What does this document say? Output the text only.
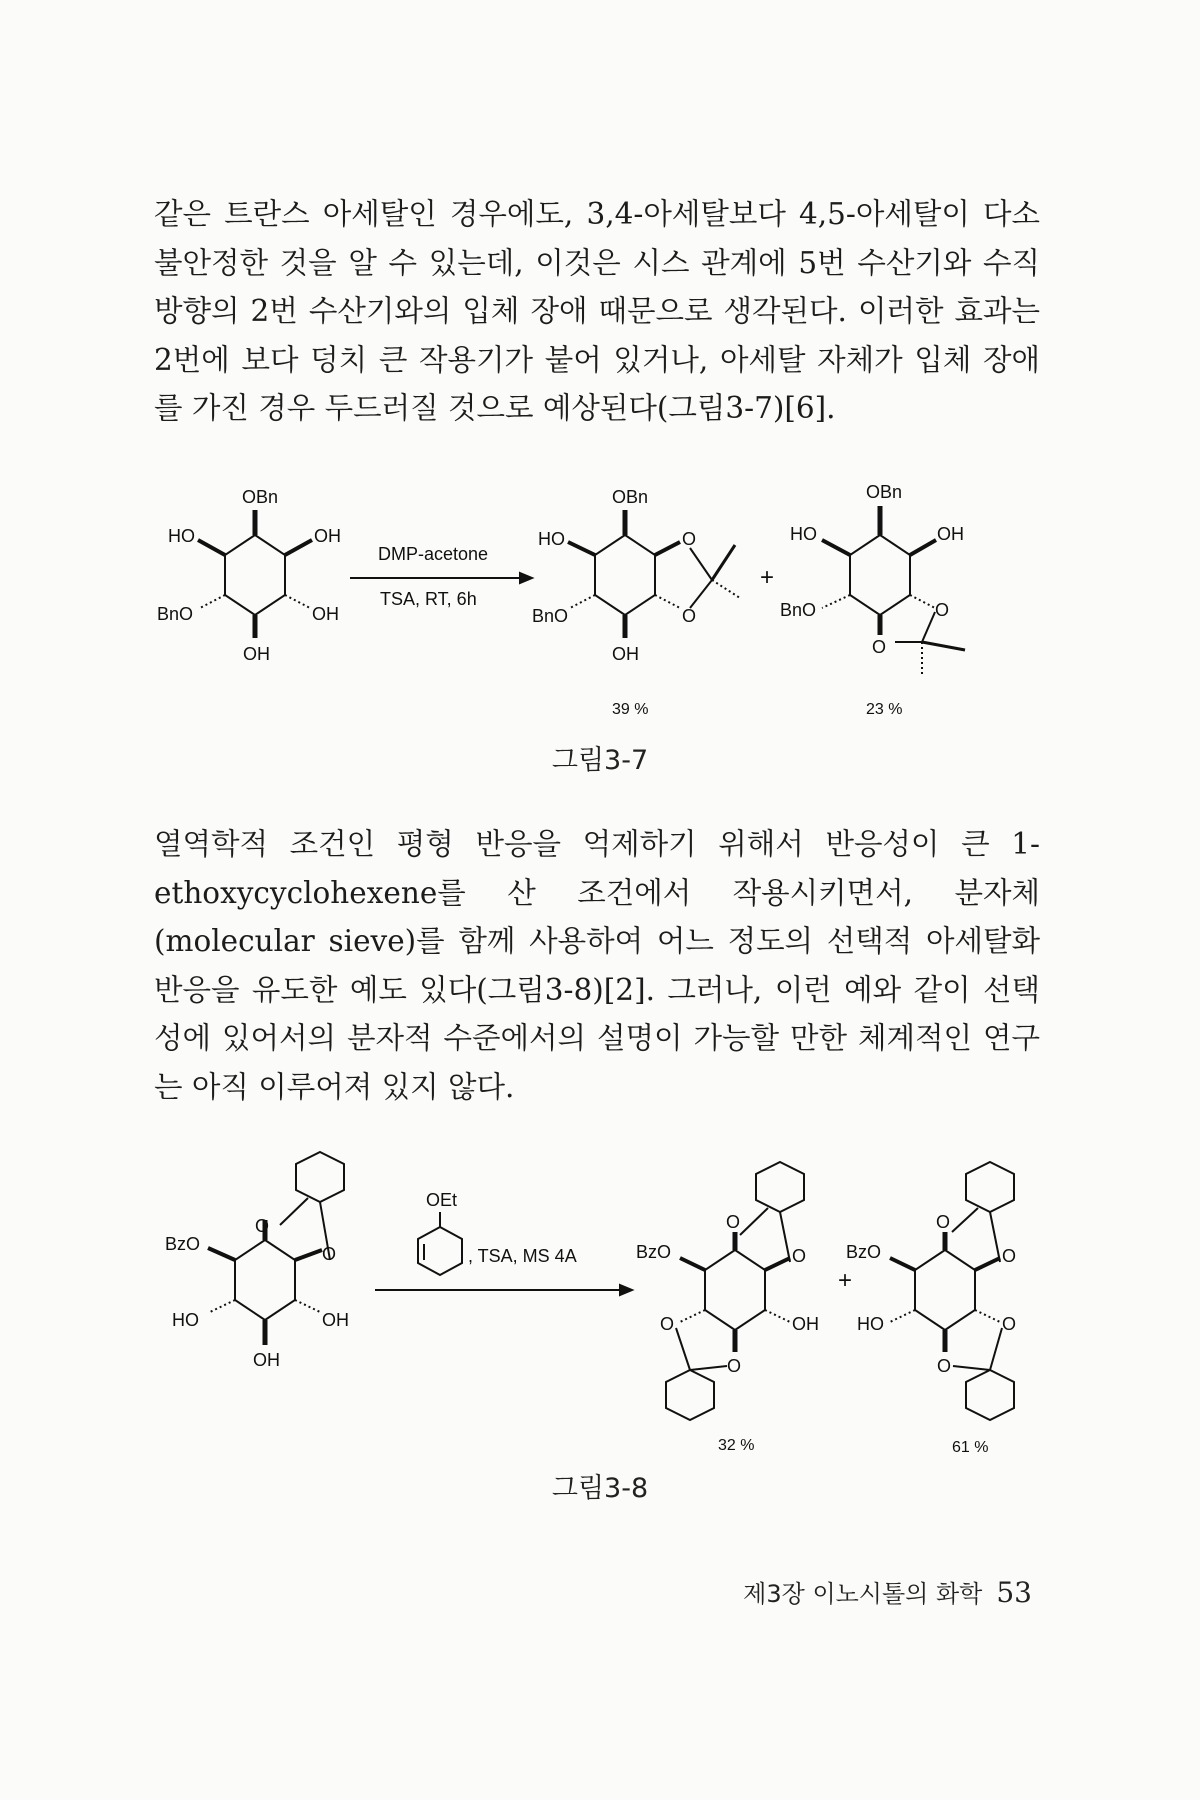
같은 트란스 아세탈인 경우에도, 3,4-아세탈보다 4,5-아세탈이 다소 불안정한 것을 알 수 있는데, 이것은 시스 관계에 5번 수산기와 수직 방향의 2번 수산기와의 입체 장애 때문으로 생각된다. 이러한 효과는 2번에 보다 덩치 큰 작용기가 붙어 있거나, 아세탈 자체가 입체 장애를 가진 경우 두드러질 것으로 예상된다(그림3-7)[6].

OBn
HO	OH
BnO	OH
OH
DMP-acetone
TSA, RT, 6h
OBn
HO	O
BnO	O
OH
+
OBn
HO	OH
BnO	O
O
39 %	23 %
그림3-7

열역학적 조건인 평형 반응을 억제하기 위해서 반응성이 큰 1-ethoxycyclohexene를 산 조건에서 작용시키면서, 분자체(molecular sieve)를 함께 사용하여 어느 정도의 선택적 아세탈화 반응을 유도한 예도 있다(그림3-8)[2]. 그러나, 이런 예와 같이 선택성에 있어서의 분자적 수준에서의 설명이 가능할 만한 체계적인 연구는 아직 이루어져 있지 않다.

O
O
BzO
HO	OH
OH
OEt
, TSA, MS 4A
O
O
BzO
O	OH
O
+
O
O
BzO
HO	O
O
32 %	61 %
그림3-8
제3장 이노시톨의 화학 53
